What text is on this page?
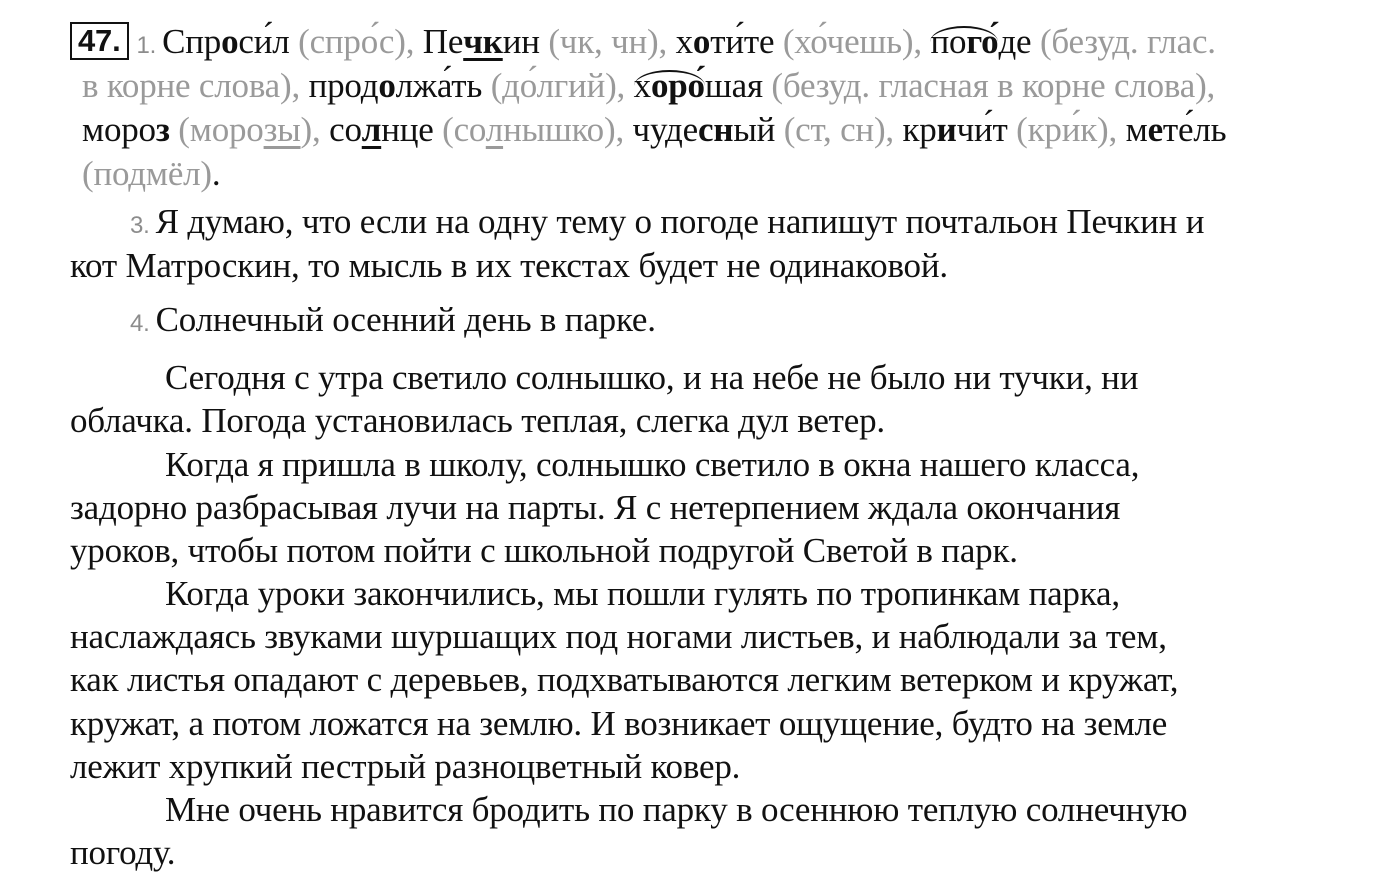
47. 1. Спроси́л (спро́с), Печкин (чк, чн), хоти́те (хо́чешь), пого́де (безуд. глас.
в корне слова), продолжа́ть (до́лгий), хоро́шая (безуд. гласная в корне слова),
мороз (морозы), солнце (солнышко), чудесный (ст, сн), кричи́т (кри́к), мете́ль
(подмёл).
3. Я думаю, что если на одну тему о погоде напишут почтальон Печкин и
кот Матроскин, то мысль в их текстах будет не одинаковой.
4. Солнечный осенний день в парке.
Сегодня с утра светило солнышко, и на небе не было ни тучки, ни
облачка. Погода установилась теплая, слегка дул ветер.
Когда я пришла в школу, солнышко светило в окна нашего класса,
задорно разбрасывая лучи на парты. Я с нетерпением ждала окончания
уроков, чтобы потом пойти с школьной подругой Светой в парк.
Когда уроки закончились, мы пошли гулять по тропинкам парка,
наслаждаясь звуками шуршащих под ногами листьев, и наблюдали за тем,
как листья опадают с деревьев, подхватываются легким ветерком и кружат,
кружат, а потом ложатся на землю. И возникает ощущение, будто на земле
лежит хрупкий пестрый разноцветный ковер.
Мне очень нравится бродить по парку в осеннюю теплую солнечную
погоду.
